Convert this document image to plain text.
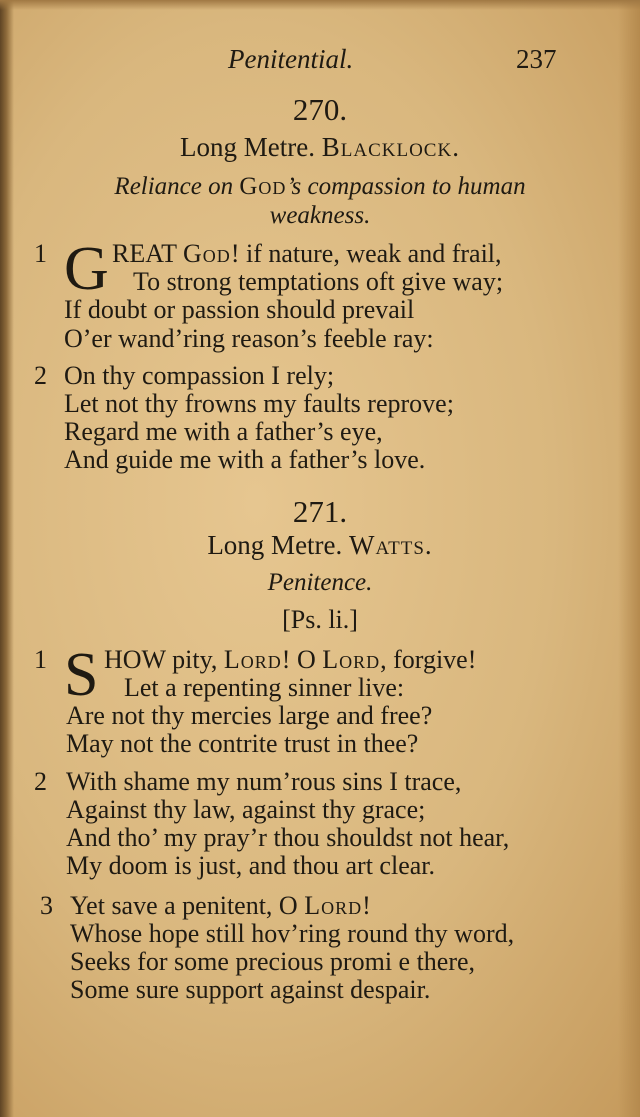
Penitential.	237
270.
Long Metre. Blacklock.
Reliance on God’s compassion to human
weakness.
1 G REAT God! if nature, weak and frail,
To strong temptations oft give way;
If doubt or passion should prevail
O’er wand’ring reason’s feeble ray:
2 On thy compassion I rely;
Let not thy frowns my faults reprove;
Regard me with a father’s eye,
And guide me with a father’s love.
271.
Long Metre. Watts.
Penitence.
[Ps. li.]
1 S HOW pity, Lord! O Lord, forgive!
Let a repenting sinner live:
Are not thy mercies large and free?
May not the contrite trust in thee?
2 With shame my num’rous sins I trace,
Against thy law, against thy grace;
And tho’ my pray’r thou shouldst not hear,
My doom is just, and thou art clear.
3 Yet save a penitent, O Lord!
Whose hope still hov’ring round thy word,
Seeks for some precious promi e there,
Some sure support against despair.
